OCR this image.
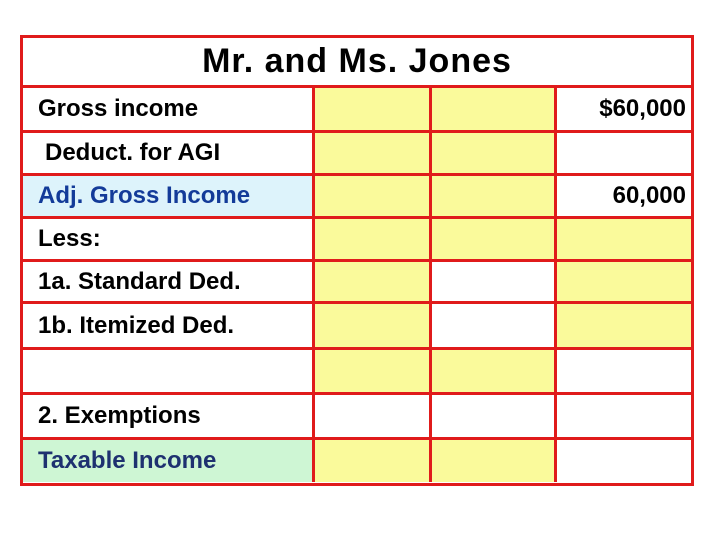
Mr. and Ms. Jones
Gross income	$60,000
Deduct. for AGI
Adj. Gross Income	60,000
Less:
1a. Standard Ded.
1b. Itemized Ded.
2. Exemptions
Taxable Income
